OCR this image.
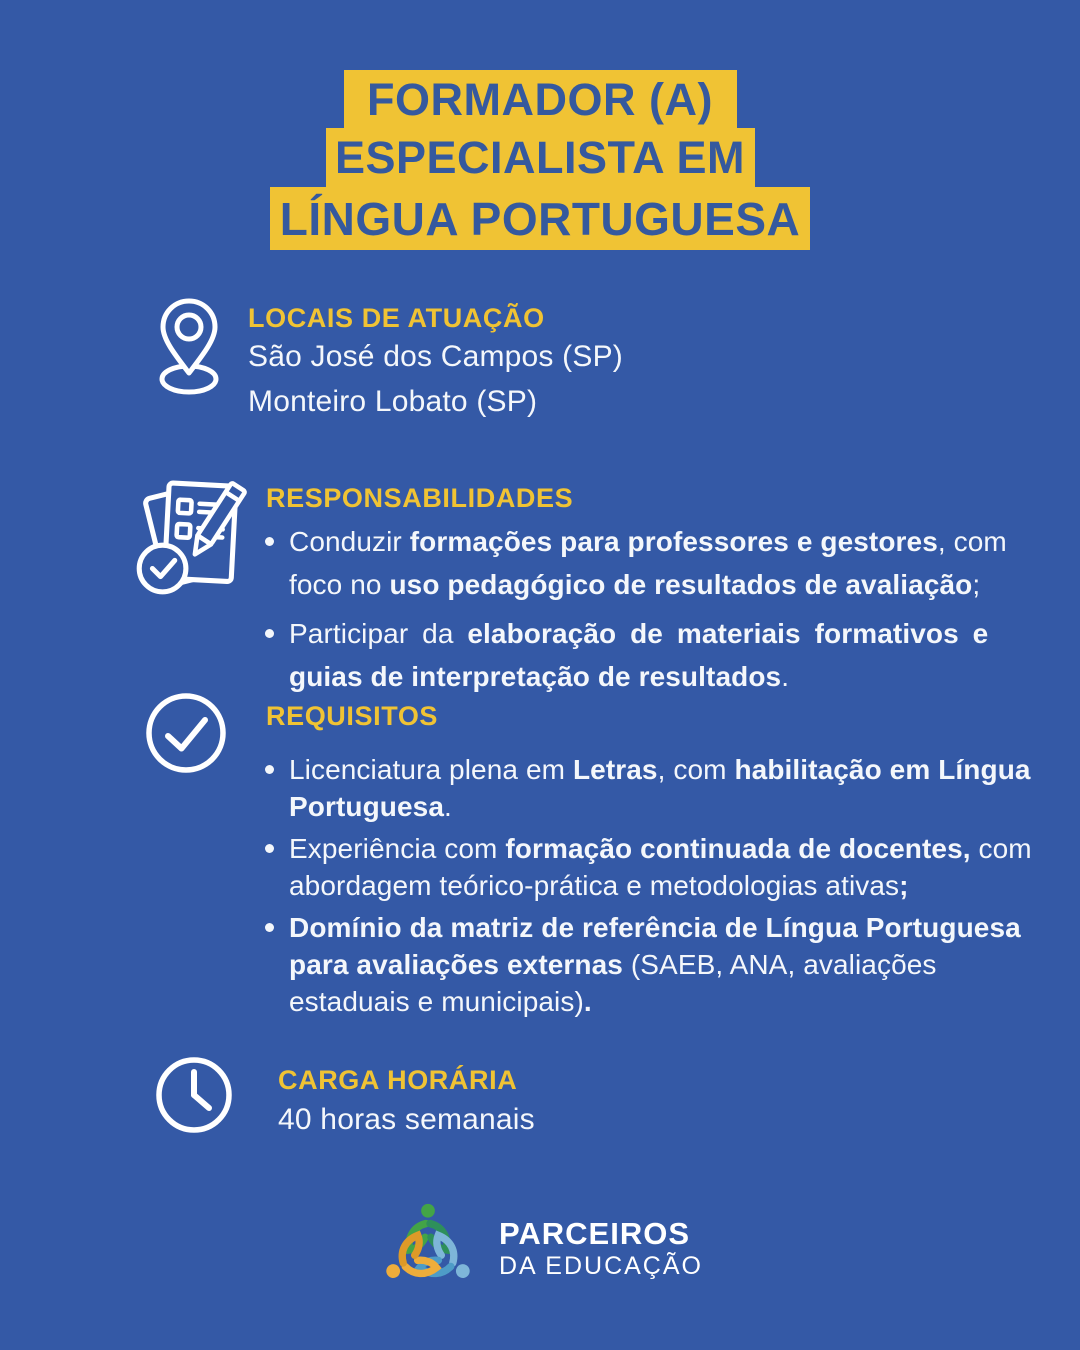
FORMADOR (A)
ESPECIALISTA EM
LÍNGUA PORTUGUESA
LOCAIS DE ATUAÇÃO

São José dos Campos (SP)

Monteiro Lobato (SP)

RESPONSABILIDADES
Conduzir formações para professores e gestores, com
foco no uso pedagógico de resultados de avaliação;
Participar da elaboração de materiais formativos e
guias de interpretação de resultados.
REQUISITOS
Licenciatura plena em Letras, com habilitação em Língua
Portuguesa.
Experiência com formação continuada de docentes, com
abordagem teórico-prática e metodologias ativas;
Domínio da matriz de referência de Língua Portuguesa
para avaliações externas (SAEB, ANA, avaliações
estaduais e municipais).
CARGA HORÁRIA

40 horas semanais

PARCEIROS
DA EDUCAÇÃO
